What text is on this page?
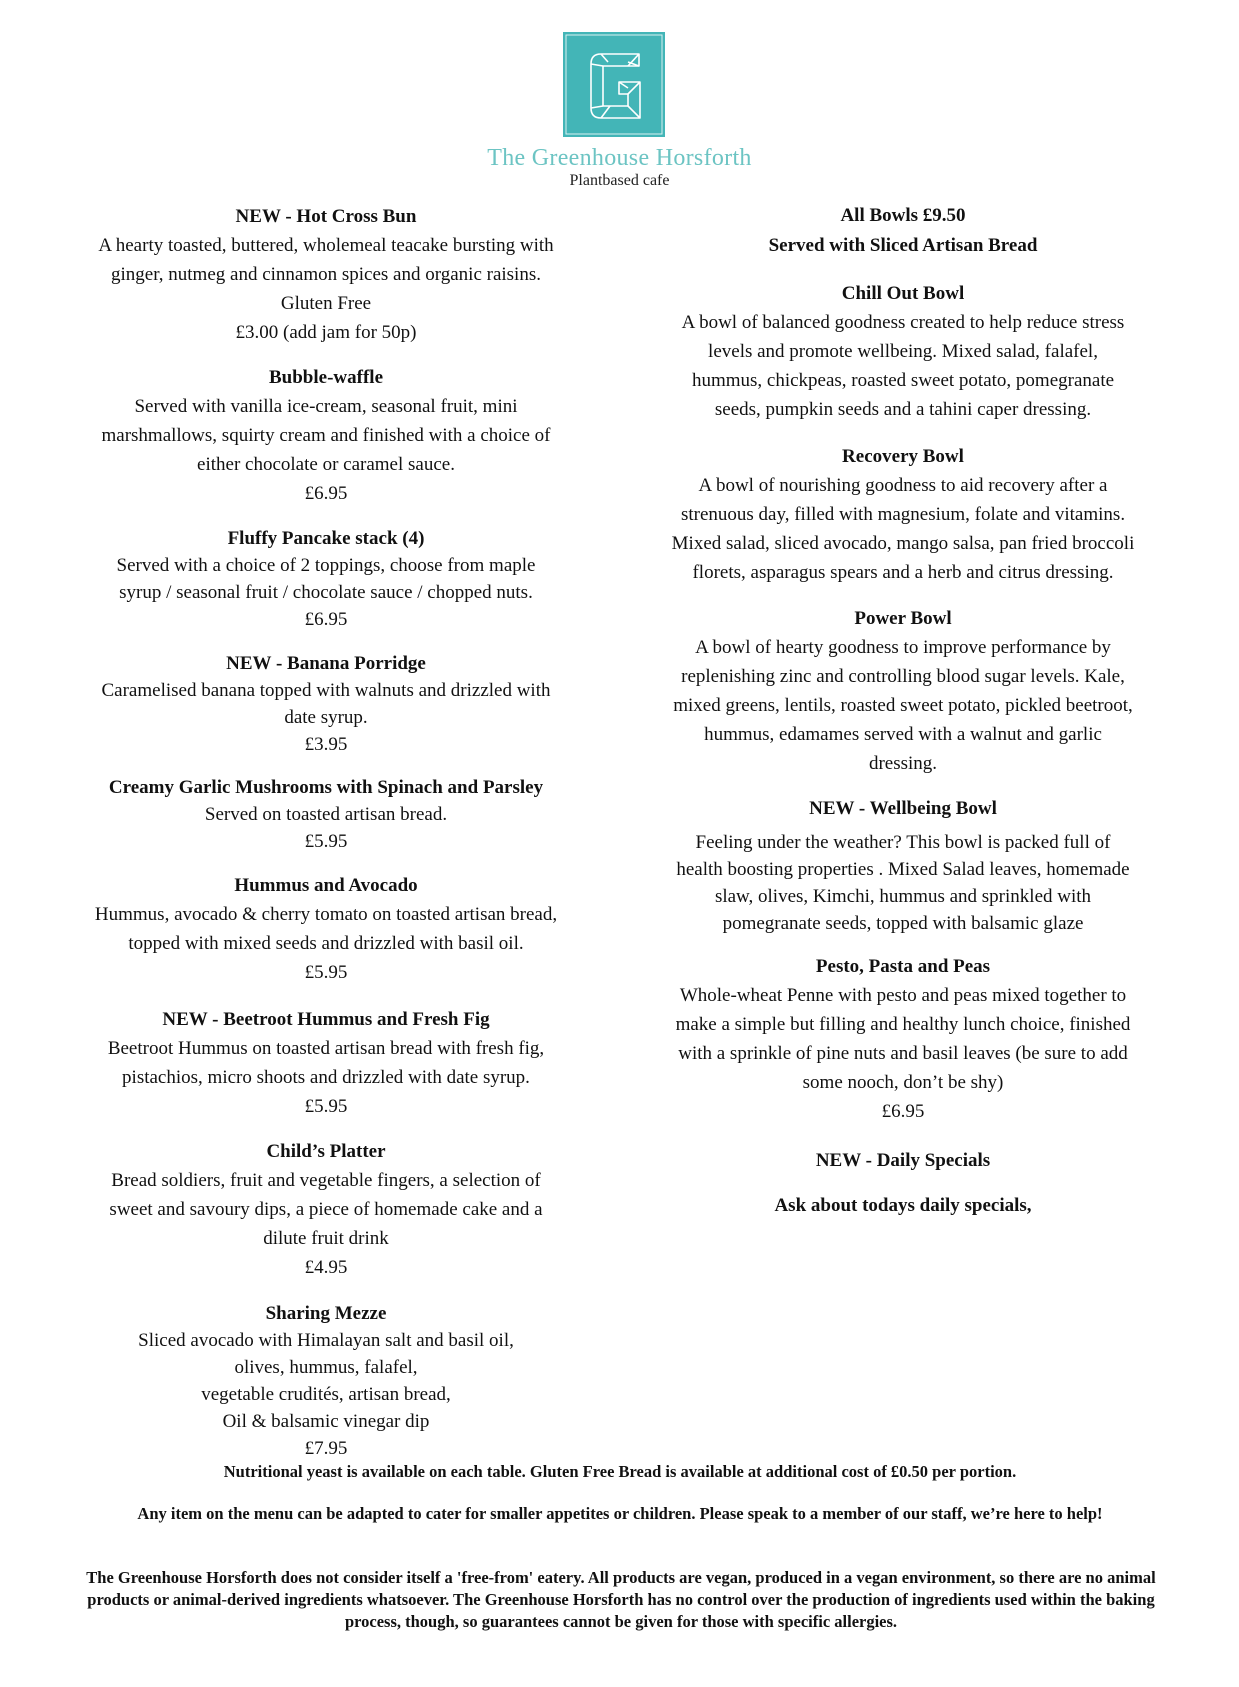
The Greenhouse Horsforth
Plantbased cafe
NEW - Hot Cross Bun
A hearty toasted, buttered, wholemeal teacake bursting with
ginger, nutmeg and cinnamon spices and organic raisins.
Gluten Free
£3.00 (add jam for 50p)
Bubble-waffle
Served with vanilla ice-cream, seasonal fruit, mini
marshmallows, squirty cream and finished with a choice of
either chocolate or caramel sauce.
£6.95
Fluffy Pancake stack (4)
Served with a choice of 2 toppings, choose from maple
syrup / seasonal fruit / chocolate sauce / chopped nuts.
£6.95
NEW - Banana Porridge
Caramelised banana topped with walnuts and drizzled with
date syrup.
£3.95
Creamy Garlic Mushrooms with Spinach and Parsley
Served on toasted artisan bread.
£5.95
Hummus and Avocado
Hummus, avocado & cherry tomato on toasted artisan bread,
topped with mixed seeds and drizzled with basil oil.
£5.95
NEW - Beetroot Hummus and Fresh Fig
Beetroot Hummus on toasted artisan bread with fresh fig,
pistachios, micro shoots and drizzled with date syrup.
£5.95
Child’s Platter
Bread soldiers, fruit and vegetable fingers, a selection of
sweet and savoury dips, a piece of homemade cake and a
dilute fruit drink
£4.95
Sharing Mezze
Sliced avocado with Himalayan salt and basil oil,
olives, hummus, falafel,
vegetable crudités, artisan bread,
Oil & balsamic vinegar dip
£7.95
All Bowls £9.50
Served with Sliced Artisan Bread
Chill Out Bowl
A bowl of balanced goodness created to help reduce stress
levels and promote wellbeing. Mixed salad, falafel,
hummus, chickpeas, roasted sweet potato, pomegranate
seeds, pumpkin seeds and a tahini caper dressing.
Recovery Bowl
A bowl of nourishing goodness to aid recovery after a
strenuous day, filled with magnesium, folate and vitamins.
Mixed salad, sliced avocado, mango salsa, pan fried broccoli
florets, asparagus spears and a herb and citrus dressing.
Power Bowl
A bowl of hearty goodness to improve performance by
replenishing zinc and controlling blood sugar levels. Kale,
mixed greens, lentils, roasted sweet potato, pickled beetroot,
hummus, edamames served with a walnut and garlic
dressing.
NEW - Wellbeing Bowl
Feeling under the weather? This bowl is packed full of
health boosting properties . Mixed Salad leaves, homemade
slaw, olives, Kimchi, hummus and sprinkled with
pomegranate seeds, topped with balsamic glaze
Pesto, Pasta and Peas
Whole-wheat Penne with pesto and peas mixed together to
make a simple but filling and healthy lunch choice, finished
with a sprinkle of pine nuts and basil leaves (be sure to add
some nooch, don’t be shy)
£6.95
NEW - Daily Specials
Ask about todays daily specials,
Nutritional yeast is available on each table. Gluten Free Bread is available at additional cost of £0.50 per portion.
Any item on the menu can be adapted to cater for smaller appetites or children. Please speak to a member of our staff, we’re here to help!
The Greenhouse Horsforth does not consider itself a 'free-from' eatery. All products are vegan, produced in a vegan environment, so there are no animal products or animal-derived ingredients whatsoever. The Greenhouse Horsforth has no control over the production of ingredients used within the baking process, though, so guarantees cannot be given for those with specific allergies.
